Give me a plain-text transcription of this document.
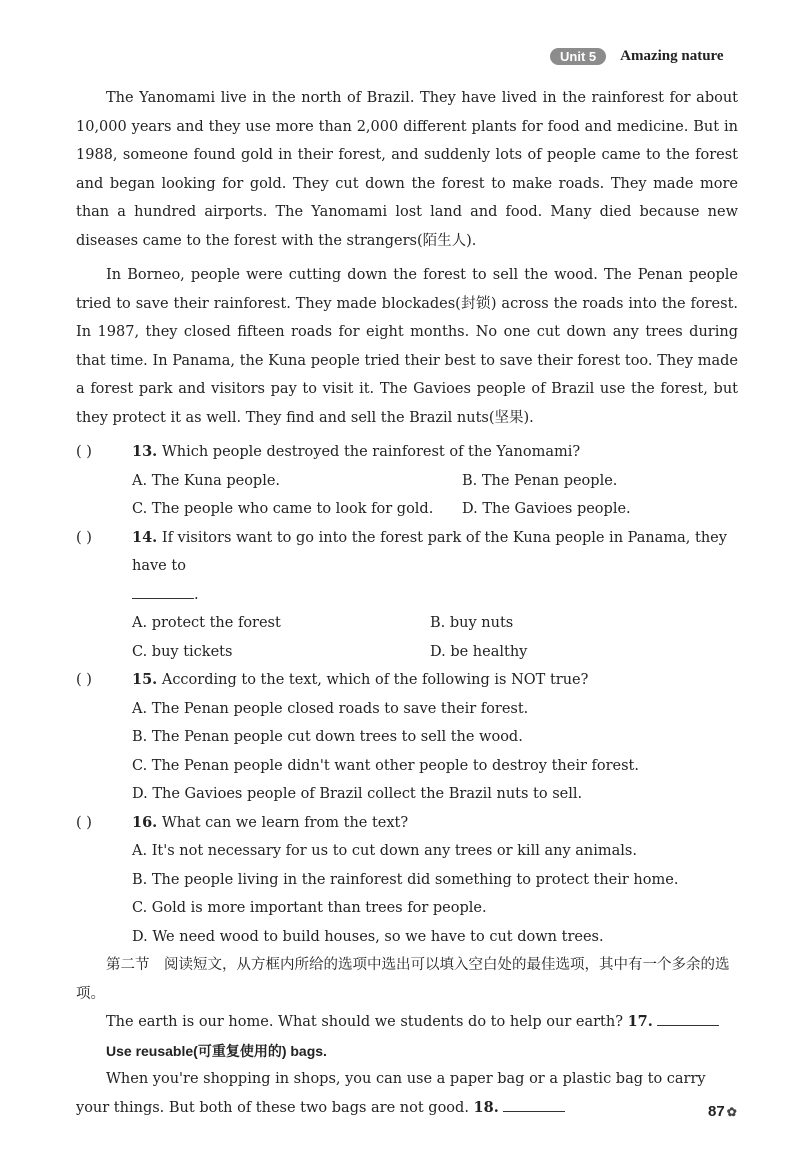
Unit 5	Amazing nature

The Yanomami live in the north of Brazil. They have lived in the rainforest for about 10,000 years and they use more than 2,000 different plants for food and medicine. But in 1988, someone found gold in their forest, and suddenly lots of people came to the forest and began looking for gold. They cut down the forest to make roads. They made more than a hundred airports. The Yanomami lost land and food. Many died because new diseases came to the forest with the strangers(陌生人).

In Borneo, people were cutting down the forest to sell the wood. The Penan people tried to save their rainforest. They made blockades(封锁) across the roads into the forest. In 1987, they closed fifteen roads for eight months. No one cut down any trees during that time. In Panama, the Kuna people tried their best to save their forest too. They made a forest park and visitors pay to visit it. The Gavioes people of Brazil use the forest, but they protect it as well. They find and sell the Brazil nuts(坚果).

( )	13. Which people destroyed the rainforest of the Yanomami?
A. The Kuna people.	B. The Penan people.
C. The people who came to look for gold.	D. The Gavioes people.
( )	14. If visitors want to go into the forest park of the Kuna people in Panama, they have to
.
A. protect the forest	B. buy nuts
C. buy tickets	D. be healthy
( )	15. According to the text, which of the following is NOT true?
A. The Penan people closed roads to save their forest.
B. The Penan people cut down trees to sell the wood.
C. The Penan people didn't want other people to destroy their forest.
D. The Gavioes people of Brazil collect the Brazil nuts to sell.
( )	16. What can we learn from the text?
A. It's not necessary for us to cut down any trees or kill any animals.
B. The people living in the rainforest did something to protect their home.
C. Gold is more important than trees for people.
D. We need wood to build houses, so we have to cut down trees.
第二节　阅读短文，从方框内所给的选项中选出可以填入空白处的最佳选项，其中有一个多余的选项。
The earth is our home. What should we students do to help our earth? 17.
Use reusable(可重复使用的) bags.
When you're shopping in shops, you can use a paper bag or a plastic bag to carry your things. But both of these two bags are not good. 18.	87 ✿
